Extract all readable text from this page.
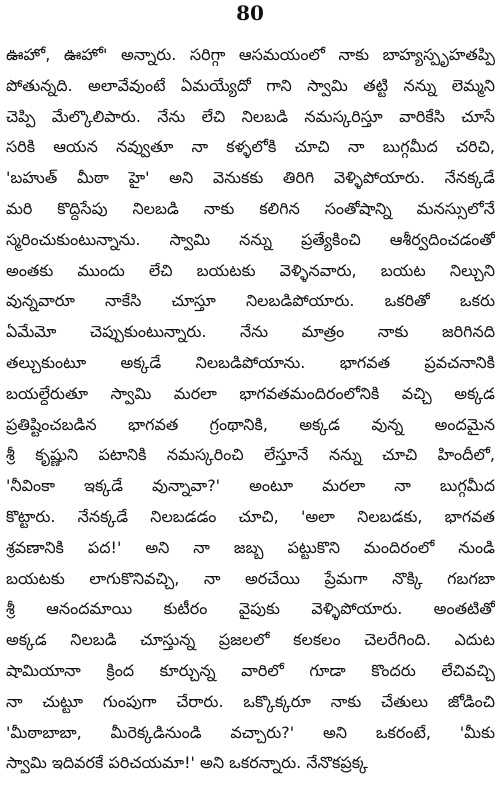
80
ఊహో, ఊహో' అన్నారు. సరిగ్గా ఆసమయంలో నాకు బాహ్యస్పృహతప్పి
పోతున్నది. అలావేవుంటే ఏమయ్యేదో గాని స్వామి తట్టి నన్ను లెమ్మని
చెప్పి మేల్కొలిపారు. నేను లేచి నిలబడి నమస్కరిస్తూ వారికేసి చూసే
సరికి ఆయన నవ్వుతూ నా కళ్ళలోకి చూచి నా బుగ్గమీద చరిచి,
'బహుత్ మీఠా హై' అని వెనుకకు తిరిగి వెళ్ళిపోయారు. నేనక్కడే
మరి కొద్దిసేపు నిలబడి నాకు కలిగిన సంతోషాన్ని మనస్సులోనే
స్మరించుకుంటున్నాను. స్వామి నన్ను ప్రత్యేకించి ఆశీర్వదించడంతో
అంతకు ముందు లేచి బయటకు వెళ్ళినవారు, బయట నిల్చుని
వున్నవారూ నాకేసి చూస్తూ నిలబడిపోయారు. ఒకరితో ఒకరు
ఏమేమో చెప్పుకుంటున్నారు. నేను మాత్రం నాకు జరిగినది
తల్చుకుంటూ అక్కడే నిలబడిపోయాను. భాగవత ప్రవచనానికి
బయల్దేరుతూ స్వామి మరలా భాగవతమందిరంలోనికి వచ్చి అక్కడ
ప్రతిష్టించబడిన భాగవత గ్రంథానికి, అక్కడ వున్న అందమైన
శ్రీ కృష్ణుని పటానికి నమస్కరించి లేస్తూనే నన్ను చూచి హిందీలో,
'నీవింకా ఇక్కడే వున్నావా?' అంటూ మరలా నా బుగ్గమీద
కొట్టారు. నేనక్కడే నిలబడడం చూచి, 'అలా నిలబడకు, భాగవత
శ్రవణానికి పద!' అని నా జబ్బ పట్టుకొని మందిరంలో నుండి
బయటకు లాగుకొనివచ్చి, నా అరచేయి ప్రేమగా నొక్కి గబగబా
శ్రీ ఆనందమాయి కుటీరం వైపుకు వెళ్ళిపోయారు. అంతటితో
అక్కడ నిలబడి చూస్తున్న ప్రజలలో కలకలం చెలరేగింది. ఎదుట
షామియానా క్రింద కూర్చున్న వారిలో గూడా కొందరు లేచివచ్చి
నా చుట్టూ గుంపుగా చేరారు. ఒక్కొక్కరూ నాకు చేతులు జోడించి
'మీఠాబాబా, మీరెక్కడినుండి వచ్చారు?' అని ఒకరంటే, 'మీకు
స్వామి ఇదివరకే పరిచయమా!' అని ఒకరన్నారు. నేనొకప్రక్క
